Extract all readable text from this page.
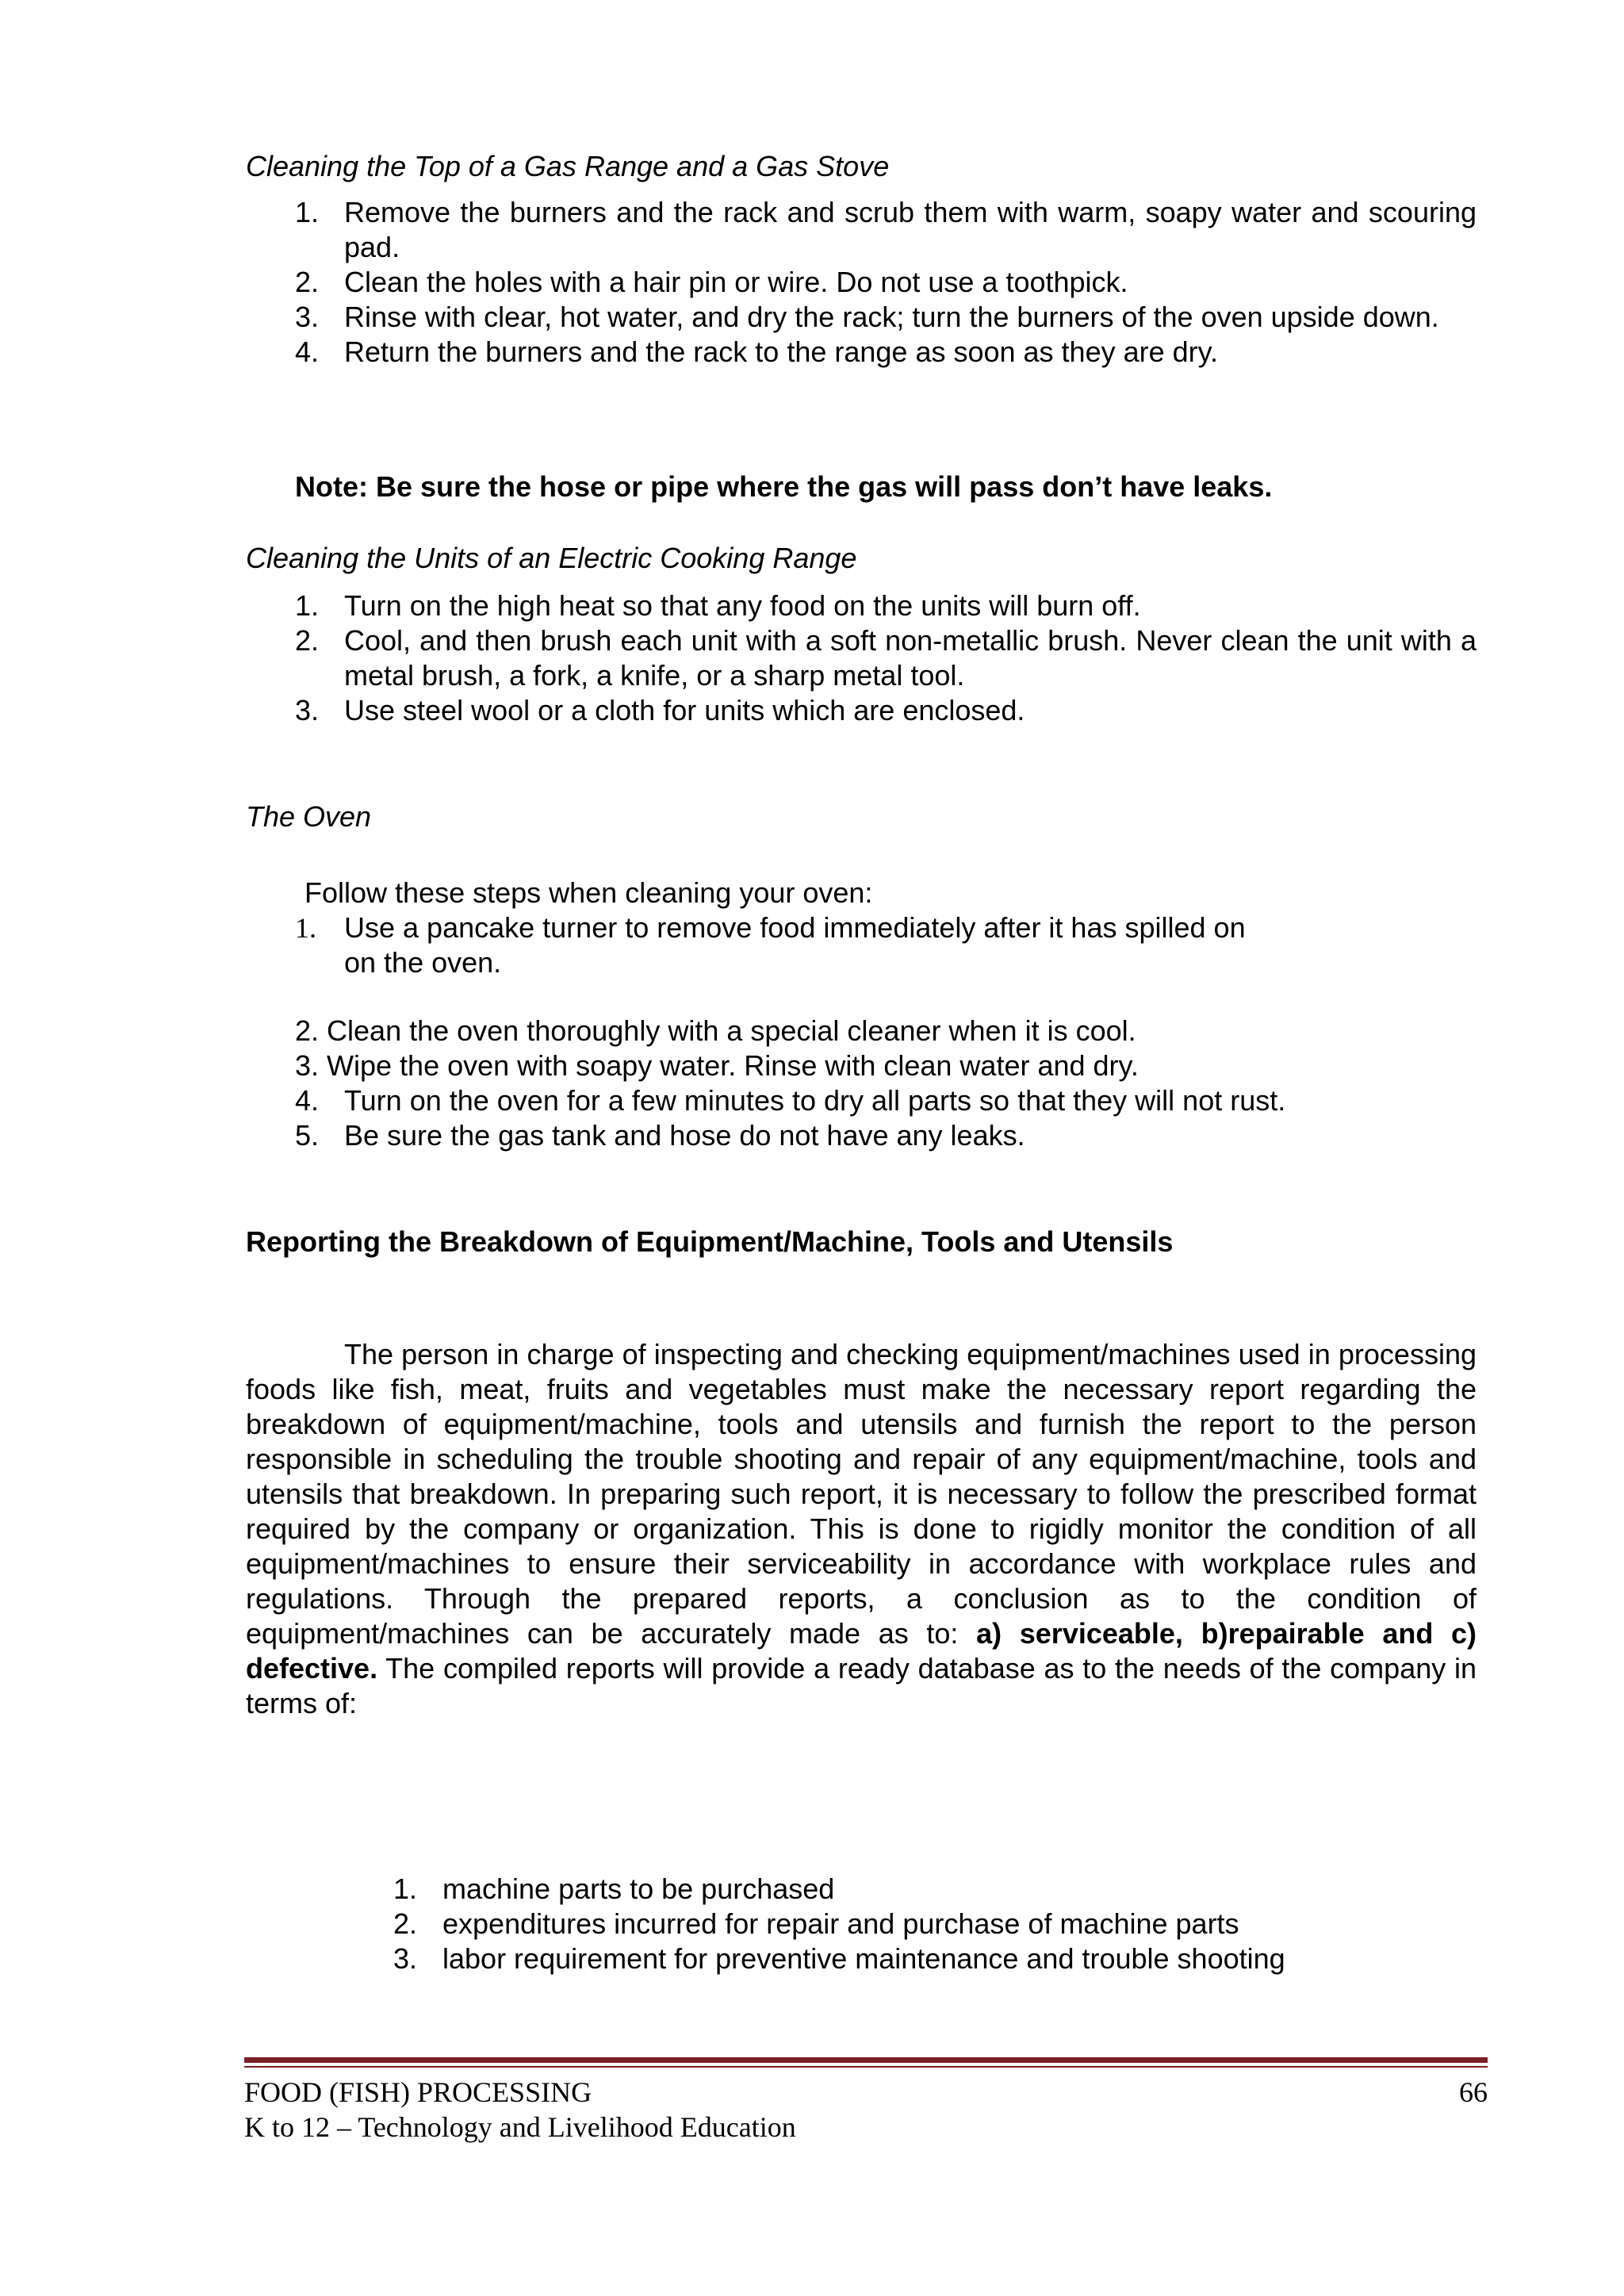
Cleaning the Top of a Gas Range and a Gas Stove
1. Remove the burners and the rack and scrub them with warm, soapy water and scouring pad.
2. Clean the holes with a hair pin or wire. Do not use a toothpick.
3. Rinse with clear, hot water, and dry the rack; turn the burners of the oven upside down.
4. Return the burners and the rack to the range as soon as they are dry.
Note: Be sure the hose or pipe where the gas will pass don’t have leaks.
Cleaning the Units of an Electric Cooking Range
1. Turn on the high heat so that any food on the units will burn off.
2. Cool, and then brush each unit with a soft non-metallic brush. Never clean the unit with a metal brush, a fork, a knife, or a sharp metal tool.
3. Use steel wool or a cloth for units which are enclosed.
The Oven
Follow these steps when cleaning your oven:
1. Use a pancake turner to remove food immediately after it has spilled on
on the oven.
2. Clean the oven thoroughly with a special cleaner when it is cool.
3. Wipe the oven with soapy water. Rinse with clean water and dry.
4. Turn on the oven for a few minutes to dry all parts so that they will not rust.
5. Be sure the gas tank and hose do not have any leaks.
Reporting the Breakdown of Equipment/Machine, Tools and Utensils

The person in charge of inspecting and checking equipment/machines used in processing foods like fish, meat, fruits and vegetables must make the necessary report regarding the breakdown of equipment/machine, tools and utensils and furnish the report to the person responsible in scheduling the trouble shooting and repair of any equipment/machine, tools and utensils that breakdown. In preparing such report, it is necessary to follow the prescribed format required by the company or organization. This is done to rigidly monitor the condition of all equipment/machines to ensure their serviceability in accordance with workplace rules and regulations. Through the prepared reports, a conclusion as to the condition of equipment/machines can be accurately made as to: a) serviceable, b)repairable and c) defective. The compiled reports will provide a ready database as to the needs of the company in terms of:

1. machine parts to be purchased
2. expenditures incurred for repair and purchase of machine parts
3. labor requirement for preventive maintenance and trouble shooting
FOOD (FISH) PROCESSING
K to 12 – Technology and Livelihood Education
66
